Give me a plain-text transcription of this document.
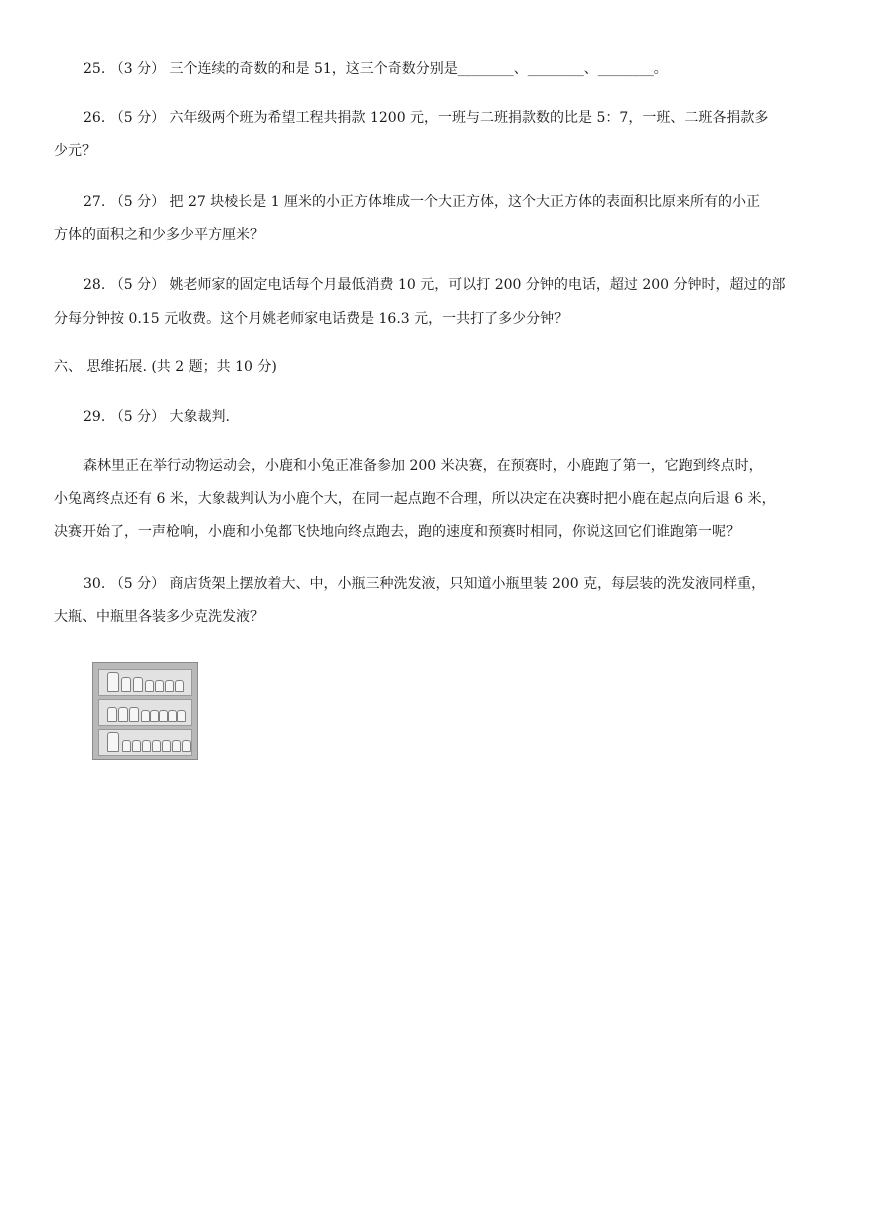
25. （3 分） 三个连续的奇数的和是 51，这三个奇数分别是________、________、________。
26. （5 分） 六年级两个班为希望工程共捐款 1200 元，一班与二班捐款数的比是 5：7，一班、二班各捐款多
少元？
27. （5 分） 把 27 块棱长是 1 厘米的小正方体堆成一个大正方体，这个大正方体的表面积比原来所有的小正
方体的面积之和少多少平方厘米？
28. （5 分） 姚老师家的固定电话每个月最低消费 10 元，可以打 200 分钟的电话，超过 200 分钟时，超过的部
分每分钟按 0.15 元收费。这个月姚老师家电话费是 16.3 元，一共打了多少分钟？
六、 思维拓展. (共 2 题；共 10 分)
29. （5 分） 大象裁判.
森林里正在举行动物运动会，小鹿和小兔正准备参加 200 米决赛，在预赛时，小鹿跑了第一，它跑到终点时，
小兔离终点还有 6 米，大象裁判认为小鹿个大，在同一起点跑不合理，所以决定在决赛时把小鹿在起点向后退 6 米，
决赛开始了，一声枪响，小鹿和小兔都飞快地向终点跑去，跑的速度和预赛时相同，你说这回它们谁跑第一呢？
30. （5 分） 商店货架上摆放着大、中，小瓶三种洗发液，只知道小瓶里装 200 克，每层装的洗发液同样重，
大瓶、中瓶里各装多少克洗发液？
